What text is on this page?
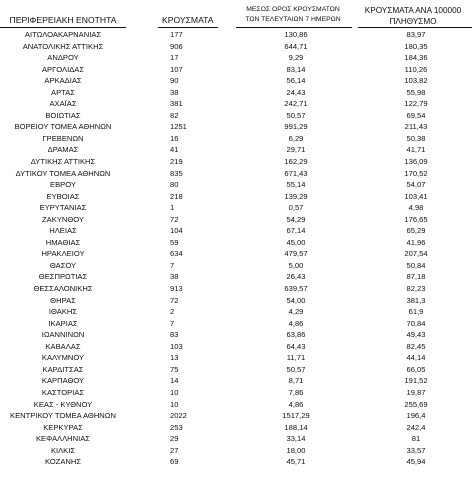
ΠΕΡΙΦΕΡΕΙΑΚΗ ΕΝΟΤΗΤΑ	ΚΡΟΥΣΜΑΤΑ
ΜΕΣΟΣ ΟΡΟΣ ΚΡΟΥΣΜΑΤΩΝ
ΤΩΝ ΤΕΛΕΥΤΑΙΩΝ 7 ΗΜΕΡΩΝ
ΚΡΟΥΣΜΑΤΑ ΑΝΑ 100000
ΠΛΗΘΥΣΜΟ
ΑΙΤΩΛΟΑΚΑΡΝΑΝΙΑΣ	177	130,86	83,97
ΑΝΑΤΟΛΙΚΗΣ ΑΤΤΙΚΗΣ	906	644,71	180,35
ΑΝΔΡΟΥ	17	9,29	184,36
ΑΡΓΟΛΙΔΑΣ	107	83,14	110,26
ΑΡΚΑΔΙΑΣ	90	56,14	103,82
ΑΡΤΑΣ	38	24,43	55,98
ΑΧΑΪΑΣ	381	242,71	122,79
ΒΟΙΩΤΙΑΣ	82	50,57	69,54
ΒΟΡΕΙΟΥ ΤΟΜΕΑ ΑΘΗΝΩΝ	1251	991,29	211,43
ΓΡΕΒΕΝΩΝ	16	6,29	50,38
ΔΡΑΜΑΣ	41	29,71	41,71
ΔΥΤΙΚΗΣ ΑΤΤΙΚΗΣ	219	162,29	136,09
ΔΥΤΙΚΟΥ ΤΟΜΕΑ ΑΘΗΝΩΝ	835	671,43	170,52
ΕΒΡΟΥ	80	55,14	54,07
ΕΥΒΟΙΑΣ	218	139,29	103,41
ΕΥΡΥΤΑΝΙΑΣ	1	0,57	4,98
ΖΑΚΥΝΘΟΥ	72	54,29	176,65
ΗΛΕΙΑΣ	104	67,14	65,29
ΗΜΑΘΙΑΣ	59	45,00	41,96
ΗΡΑΚΛΕΙΟΥ	634	479,57	207,54
ΘΑΣΟΥ	7	5,00	50,84
ΘΕΣΠΡΩΤΙΑΣ	38	26,43	87,18
ΘΕΣΣΑΛΟΝΙΚΗΣ	913	639,57	82,23
ΘΗΡΑΣ	72	54,00	381,3
ΙΘΑΚΗΣ	2	4,29	61,9
ΙΚΑΡΙΑΣ	7	4,86	70,84
ΙΩΑΝΝΙΝΩΝ	83	63,86	49,43
ΚΑΒΑΛΑΣ	103	64,43	82,45
ΚΑΛΥΜΝΟΥ	13	11,71	44,14
ΚΑΡΔΙΤΣΑΣ	75	50,57	66,05
ΚΑΡΠΑΘΟΥ	14	8,71	191,52
ΚΑΣΤΟΡΙΑΣ	10	7,86	19,87
ΚΕΑΣ - ΚΥΘΝΟΥ	10	4,86	255,69
ΚΕΝΤΡΙΚΟΥ ΤΟΜΕΑ ΑΘΗΝΩΝ	2022	1517,29	196,4
ΚΕΡΚΥΡΑΣ	253	188,14	242,4
ΚΕΦΑΛΛΗΝΙΑΣ	29	33,14	81
ΚΙΛΚΙΣ	27	18,00	33,57
ΚΟΖΑΝΗΣ	69	45,71	45,94
